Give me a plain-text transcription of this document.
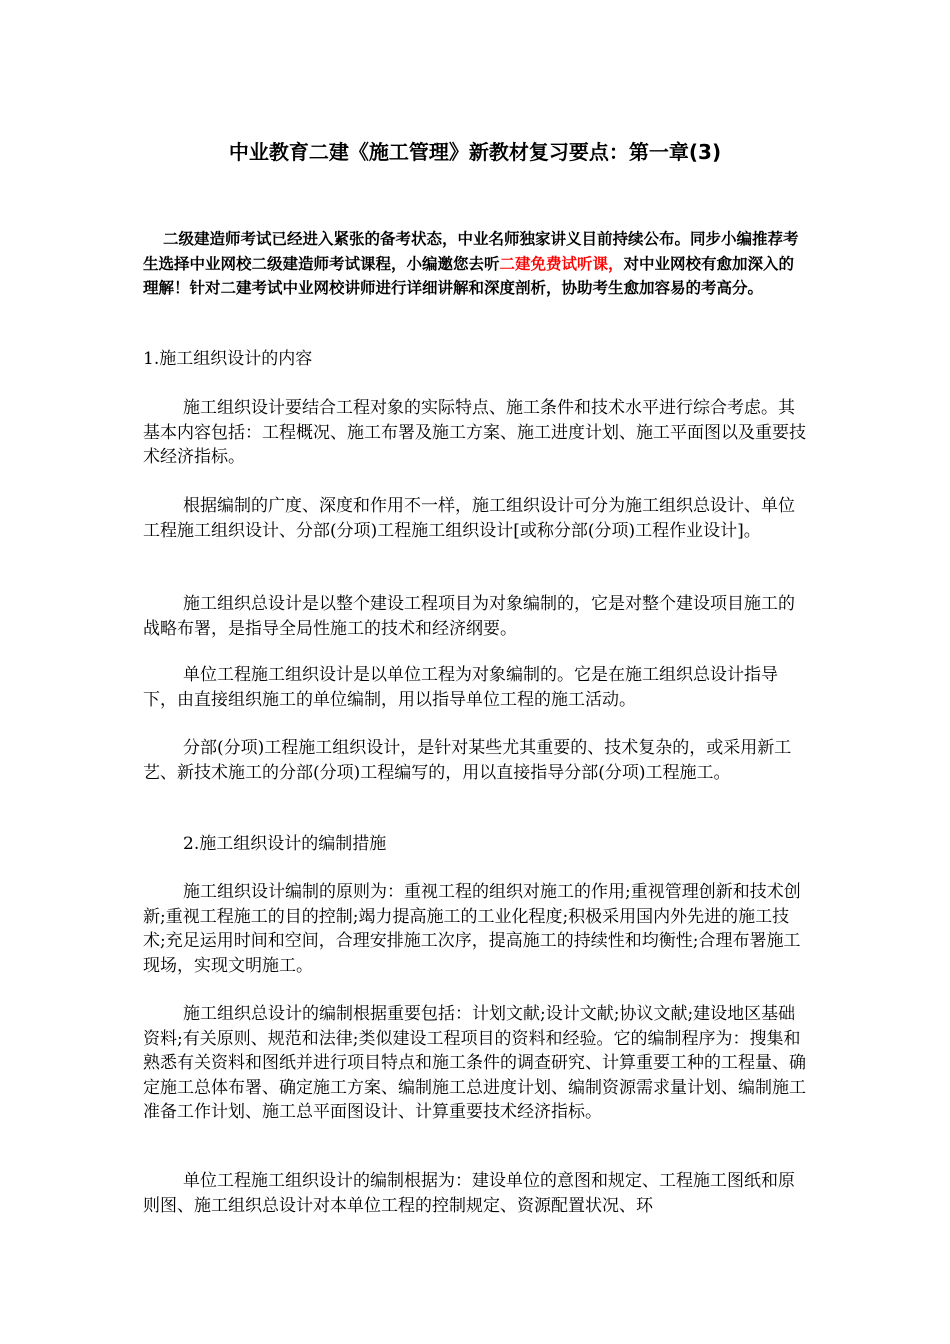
中业教育二建《施工管理》新教材复习要点：第一章(3)

二级建造师考试已经进入紧张的备考状态，中业名师独家讲义目前持续公布。同步小编推荐考生选择中业网校二级建造师考试课程，小编邀您去听二建免费试听课，对中业网校有愈加深入的理解！针对二建考试中业网校讲师进行详细讲解和深度剖析，协助考生愈加容易的考高分。

1.施工组织设计的内容

施工组织设计要结合工程对象的实际特点、施工条件和技术水平进行综合考虑。其基本内容包括：工程概况、施工布署及施工方案、施工进度计划、施工平面图以及重要技术经济指标。

根据编制的广度、深度和作用不一样，施工组织设计可分为施工组织总设计、单位工程施工组织设计、分部(分项)工程施工组织设计[或称分部(分项)工程作业设计]。

施工组织总设计是以整个建设工程项目为对象编制的，它是对整个建设项目施工的战略布署，是指导全局性施工的技术和经济纲要。

单位工程施工组织设计是以单位工程为对象编制的。它是在施工组织总设计指导下，由直接组织施工的单位编制，用以指导单位工程的施工活动。

分部(分项)工程施工组织设计，是针对某些尤其重要的、技术复杂的，或采用新工艺、新技术施工的分部(分项)工程编写的，用以直接指导分部(分项)工程施工。

2.施工组织设计的编制措施

施工组织设计编制的原则为：重视工程的组织对施工的作用;重视管理创新和技术创新;重视工程施工的目的控制;竭力提高施工的工业化程度;积极采用国内外先进的施工技术;充足运用时间和空间，合理安排施工次序，提高施工的持续性和均衡性;合理布署施工现场，实现文明施工。

施工组织总设计的编制根据重要包括：计划文献;设计文献;协议文献;建设地区基础资料;有关原则、规范和法律;类似建设工程项目的资料和经验。它的编制程序为：搜集和熟悉有关资料和图纸并进行项目特点和施工条件的调查研究、计算重要工种的工程量、确定施工总体布署、确定施工方案、编制施工总进度计划、编制资源需求量计划、编制施工准备工作计划、施工总平面图设计、计算重要技术经济指标。

单位工程施工组织设计的编制根据为：建设单位的意图和规定、工程施工图纸和原则图、施工组织总设计对本单位工程的控制规定、资源配置状况、环
